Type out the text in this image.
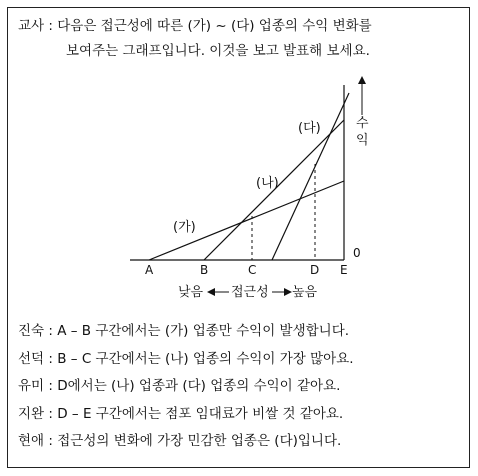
교사 : 다음은 접근성에 따른 (가) ~ (다) 업종의 수익 변화를
보여주는 그래프입니다. 이것을 보고 발표해 보세요.
수
익
0
(가)
(나)
(다)
A	B	C	D E
낮음 접근성 높음
진숙 : A – B 구간에서는 (가) 업종만 수익이 발생합니다.
선덕 : B – C 구간에서는 (나) 업종의 수익이 가장 많아요.
유미 : D에서는 (나) 업종과 (다) 업종의 수익이 같아요.
지완 : D – E 구간에서는 점포 임대료가 비쌀 것 같아요.
현애 : 접근성의 변화에 가장 민감한 업종은 (다)입니다.
